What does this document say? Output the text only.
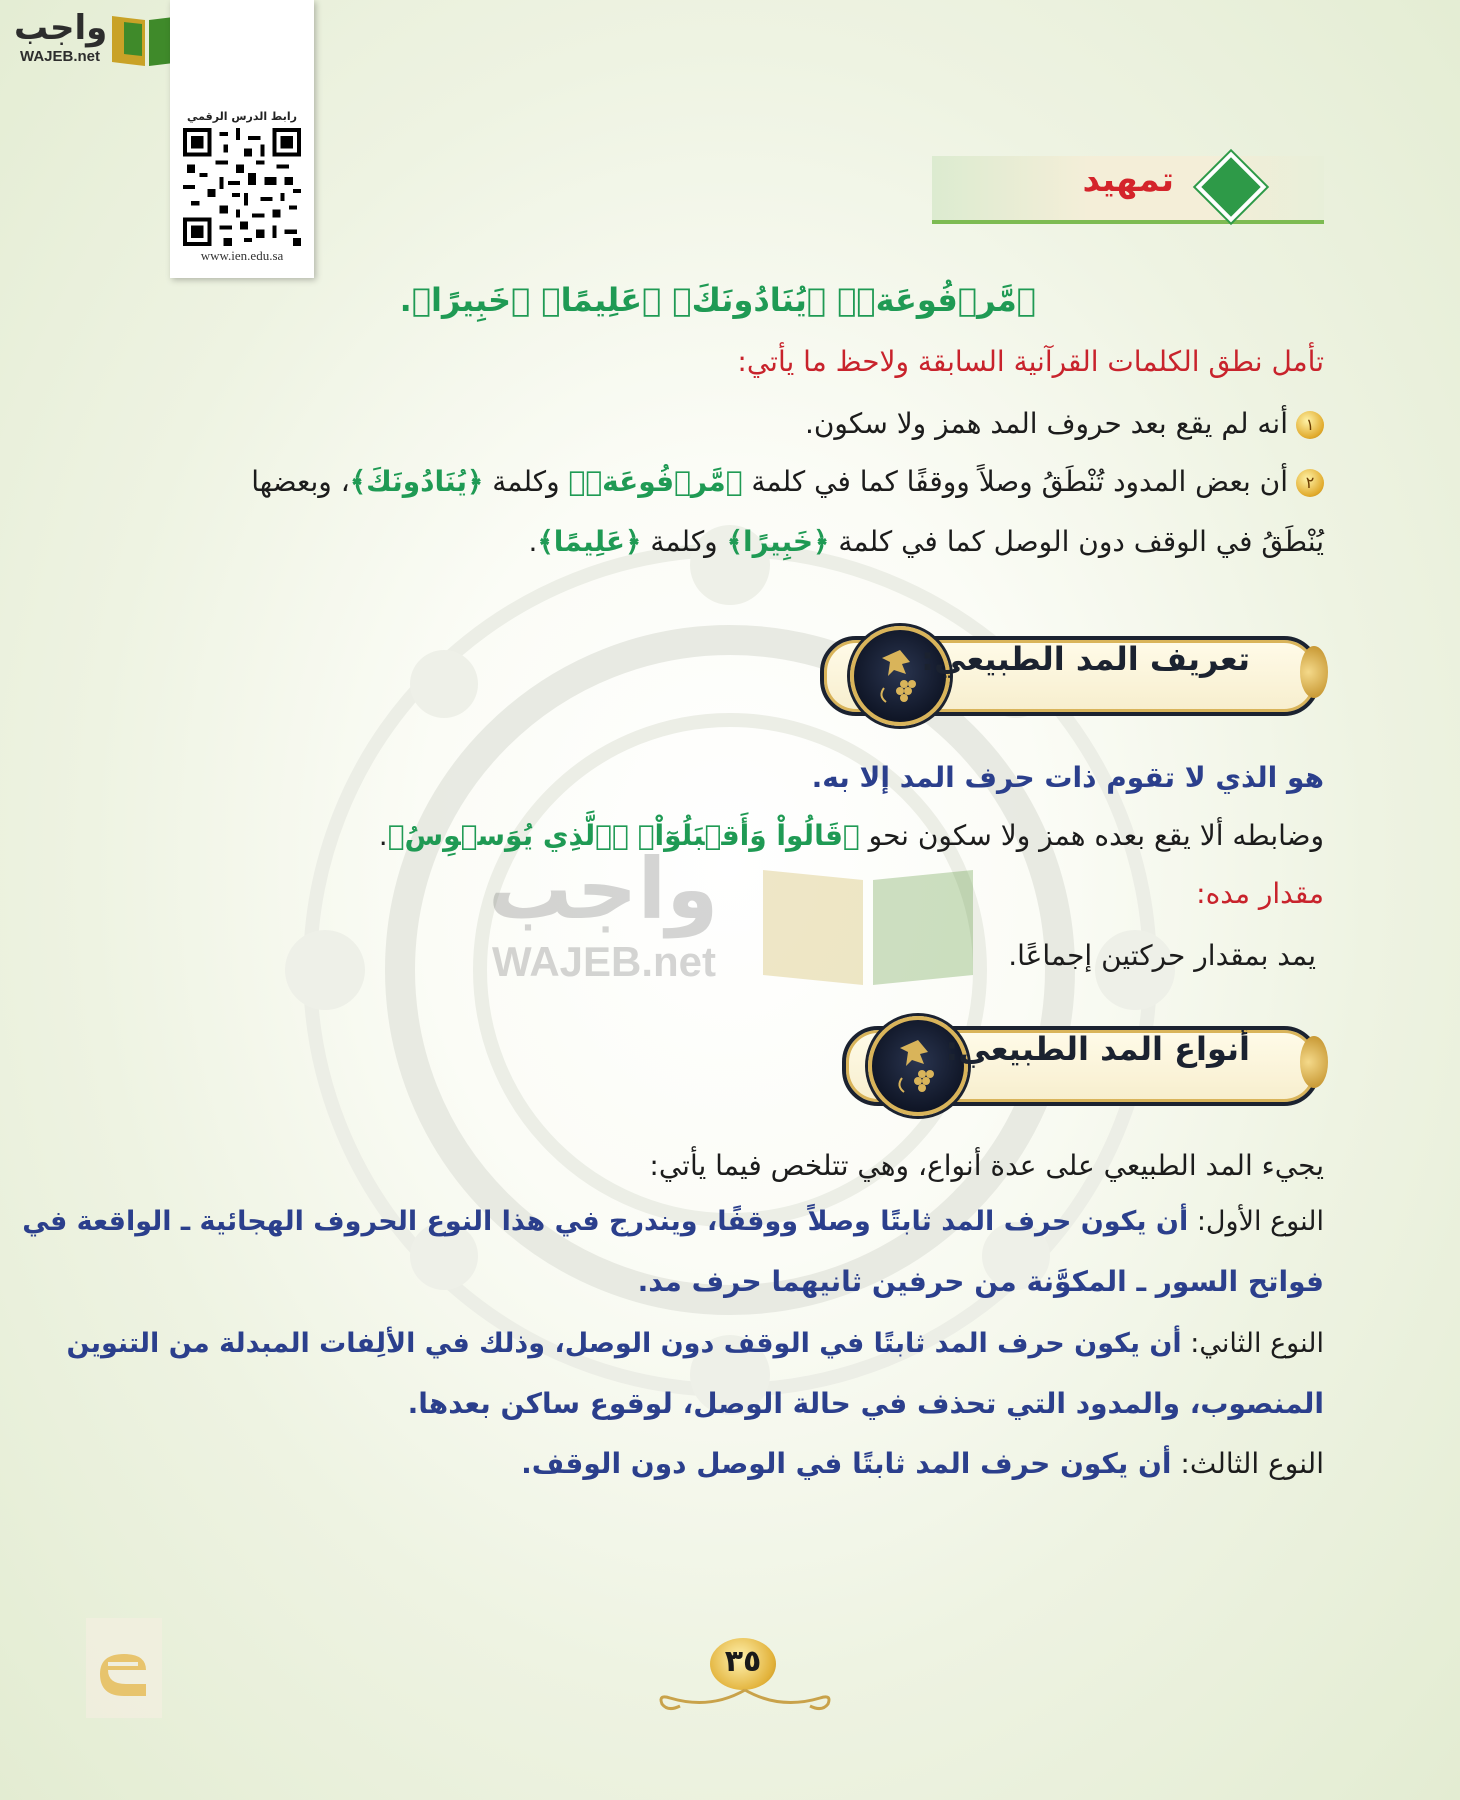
واجب
WAJEB.net
واجب
WAJEB.net
رابط الدرس الرقمي
www.ien.edu.sa
تمهيد
﴿مَّرۡفُوعَةٖ﴾ ﴿يُنَادُونَكَ﴾ ﴿عَلِيمًا﴾ ﴿خَبِيرًا﴾.
تأمل نطق الكلمات القرآنية السابقة ولاحظ ما يأتي:
١أنه لم يقع بعد حروف المد همز ولا سكون.
٢أن بعض المدود تُنْطَقُ وصلاً ووقفًا كما في كلمة ﴿مَّرۡفُوعَةٖ﴾ وكلمة ﴿يُنَادُونَكَ﴾، وبعضها
يُنْطَقُ في الوقف دون الوصل كما في كلمة ﴿خَبِيرًا﴾ وكلمة ﴿عَلِيمًا﴾.
تعريف المد الطبيعي:
هو الذي لا تقوم ذات حرف المد إلا به.
وضابطه ألا يقع بعده همز ولا سكون نحو ﴿قَالُواْ وَأَقۡبَلُوٓاْ﴾ ﴿ٱلَّذِي يُوَسۡوِسُ﴾.
مقدار مده:
يمد بمقدار حركتين إجماعًا.
أنواع المد الطبيعي:
يجيء المد الطبيعي على عدة أنواع، وهي تتلخص فيما يأتي:
النوع الأول: أن يكون حرف المد ثابتًا وصلاً ووقفًا، ويندرج في هذا النوع الحروف الهجائية ـ الواقعة في
فواتح السور ـ المكوَّنة من حرفين ثانيهما حرف مد.
النوع الثاني: أن يكون حرف المد ثابتًا في الوقف دون الوصل، وذلك في الألِفات المبدلة من التنوين
المنصوب، والمدود التي تحذف في حالة الوصل، لوقوع ساكن بعدها.
النوع الثالث: أن يكون حرف المد ثابتًا في الوصل دون الوقف.
٣٥
